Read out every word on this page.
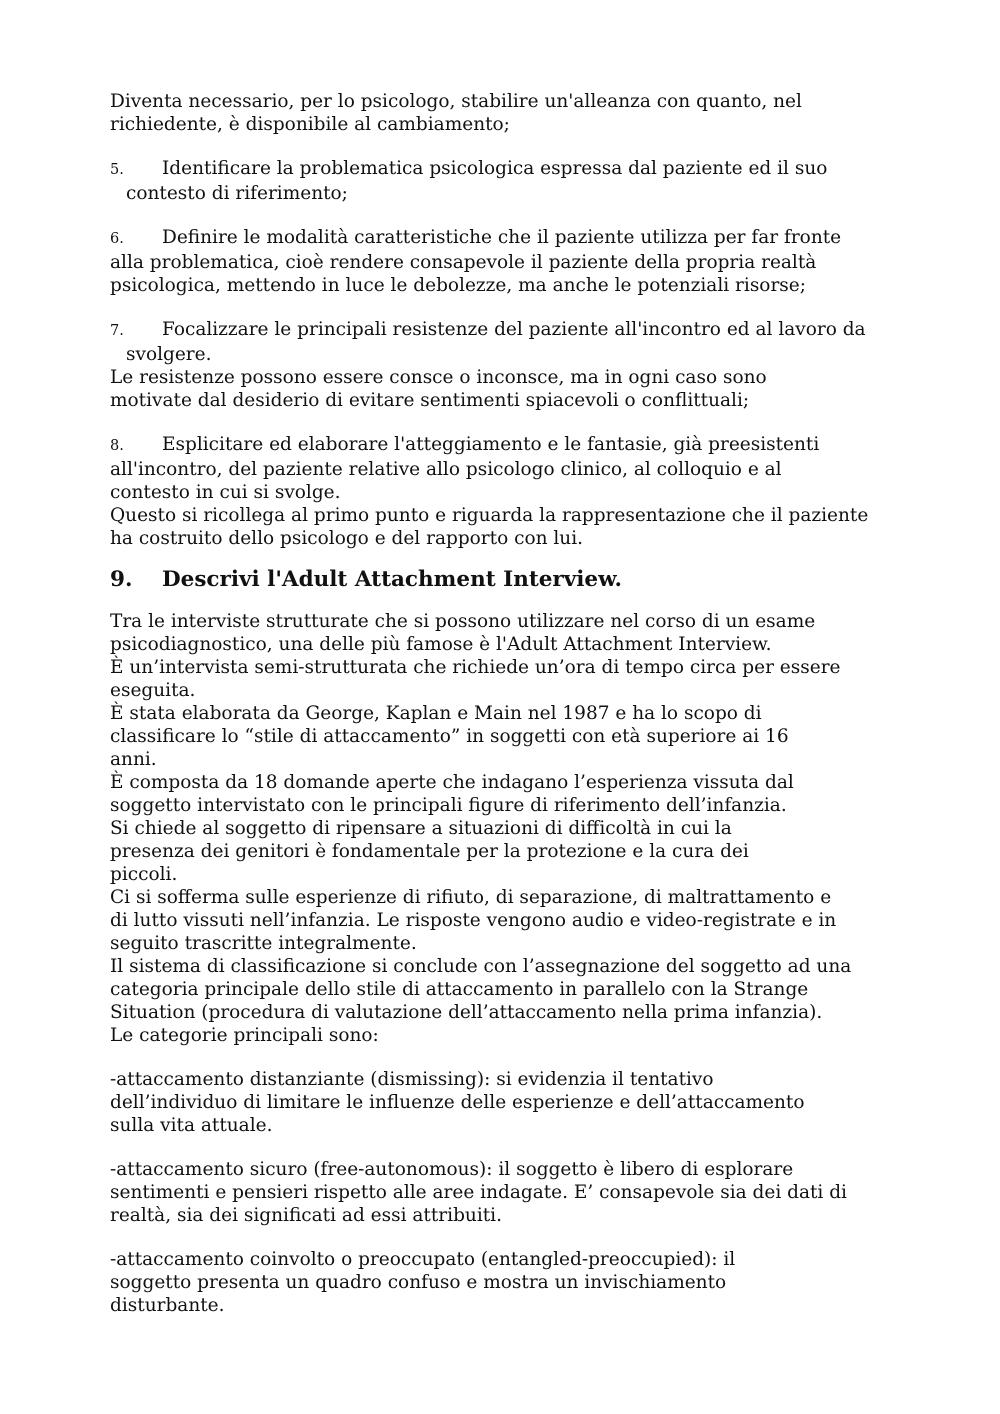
Diventa necessario, per lo psicologo, stabilire un'alleanza con quanto, nel
richiedente, è disponibile al cambiamento;

5. Identificare la problematica psicologica espressa dal paziente ed il suo
contesto di riferimento;

6. Definire le modalità caratteristiche che il paziente utilizza per far fronte
alla problematica, cioè rendere consapevole il paziente della propria realtà
psicologica, mettendo in luce le debolezze, ma anche le potenziali risorse;

7. Focalizzare le principali resistenze del paziente all'incontro ed al lavoro da
svolgere.
Le resistenze possono essere consce o inconsce, ma in ogni caso sono
motivate dal desiderio di evitare sentimenti spiacevoli o conflittuali;

8. Esplicitare ed elaborare l'atteggiamento e le fantasie, già preesistenti
all'incontro, del paziente relative allo psicologo clinico, al colloquio e al
contesto in cui si svolge.
Questo si ricollega al primo punto e riguarda la rappresentazione che il paziente
ha costruito dello psicologo e del rapporto con lui.

9. Descrivi l'Adult Attachment Interview.

Tra le interviste strutturate che si possono utilizzare nel corso di un esame
psicodiagnostico, una delle più famose è l'Adult Attachment Interview.
È un’intervista semi-strutturata che richiede un’ora di tempo circa per essere
eseguita.
È stata elaborata da George, Kaplan e Main nel 1987 e ha lo scopo di
classificare lo “stile di attaccamento” in soggetti con età superiore ai 16
anni.
È composta da 18 domande aperte che indagano l’esperienza vissuta dal
soggetto intervistato con le principali figure di riferimento dell’infanzia.
Si chiede al soggetto di ripensare a situazioni di difficoltà in cui la
presenza dei genitori è fondamentale per la protezione e la cura dei
piccoli.
Ci si sofferma sulle esperienze di rifiuto, di separazione, di maltrattamento e
di lutto vissuti nell’infanzia. Le risposte vengono audio e video-registrate e in
seguito trascritte integralmente.
Il sistema di classificazione si conclude con l’assegnazione del soggetto ad una
categoria principale dello stile di attaccamento in parallelo con la Strange
Situation (procedura di valutazione dell’attaccamento nella prima infanzia).
Le categorie principali sono:

-attaccamento distanziante (dismissing): si evidenzia il tentativo
dell’individuo di limitare le influenze delle esperienze e dell’attaccamento
sulla vita attuale.

-attaccamento sicuro (free-autonomous): il soggetto è libero di esplorare
sentimenti e pensieri rispetto alle aree indagate. E’ consapevole sia dei dati di
realtà, sia dei significati ad essi attribuiti.

-attaccamento coinvolto o preoccupato (entangled-preoccupied): il
soggetto presenta un quadro confuso e mostra un invischiamento
disturbante.
